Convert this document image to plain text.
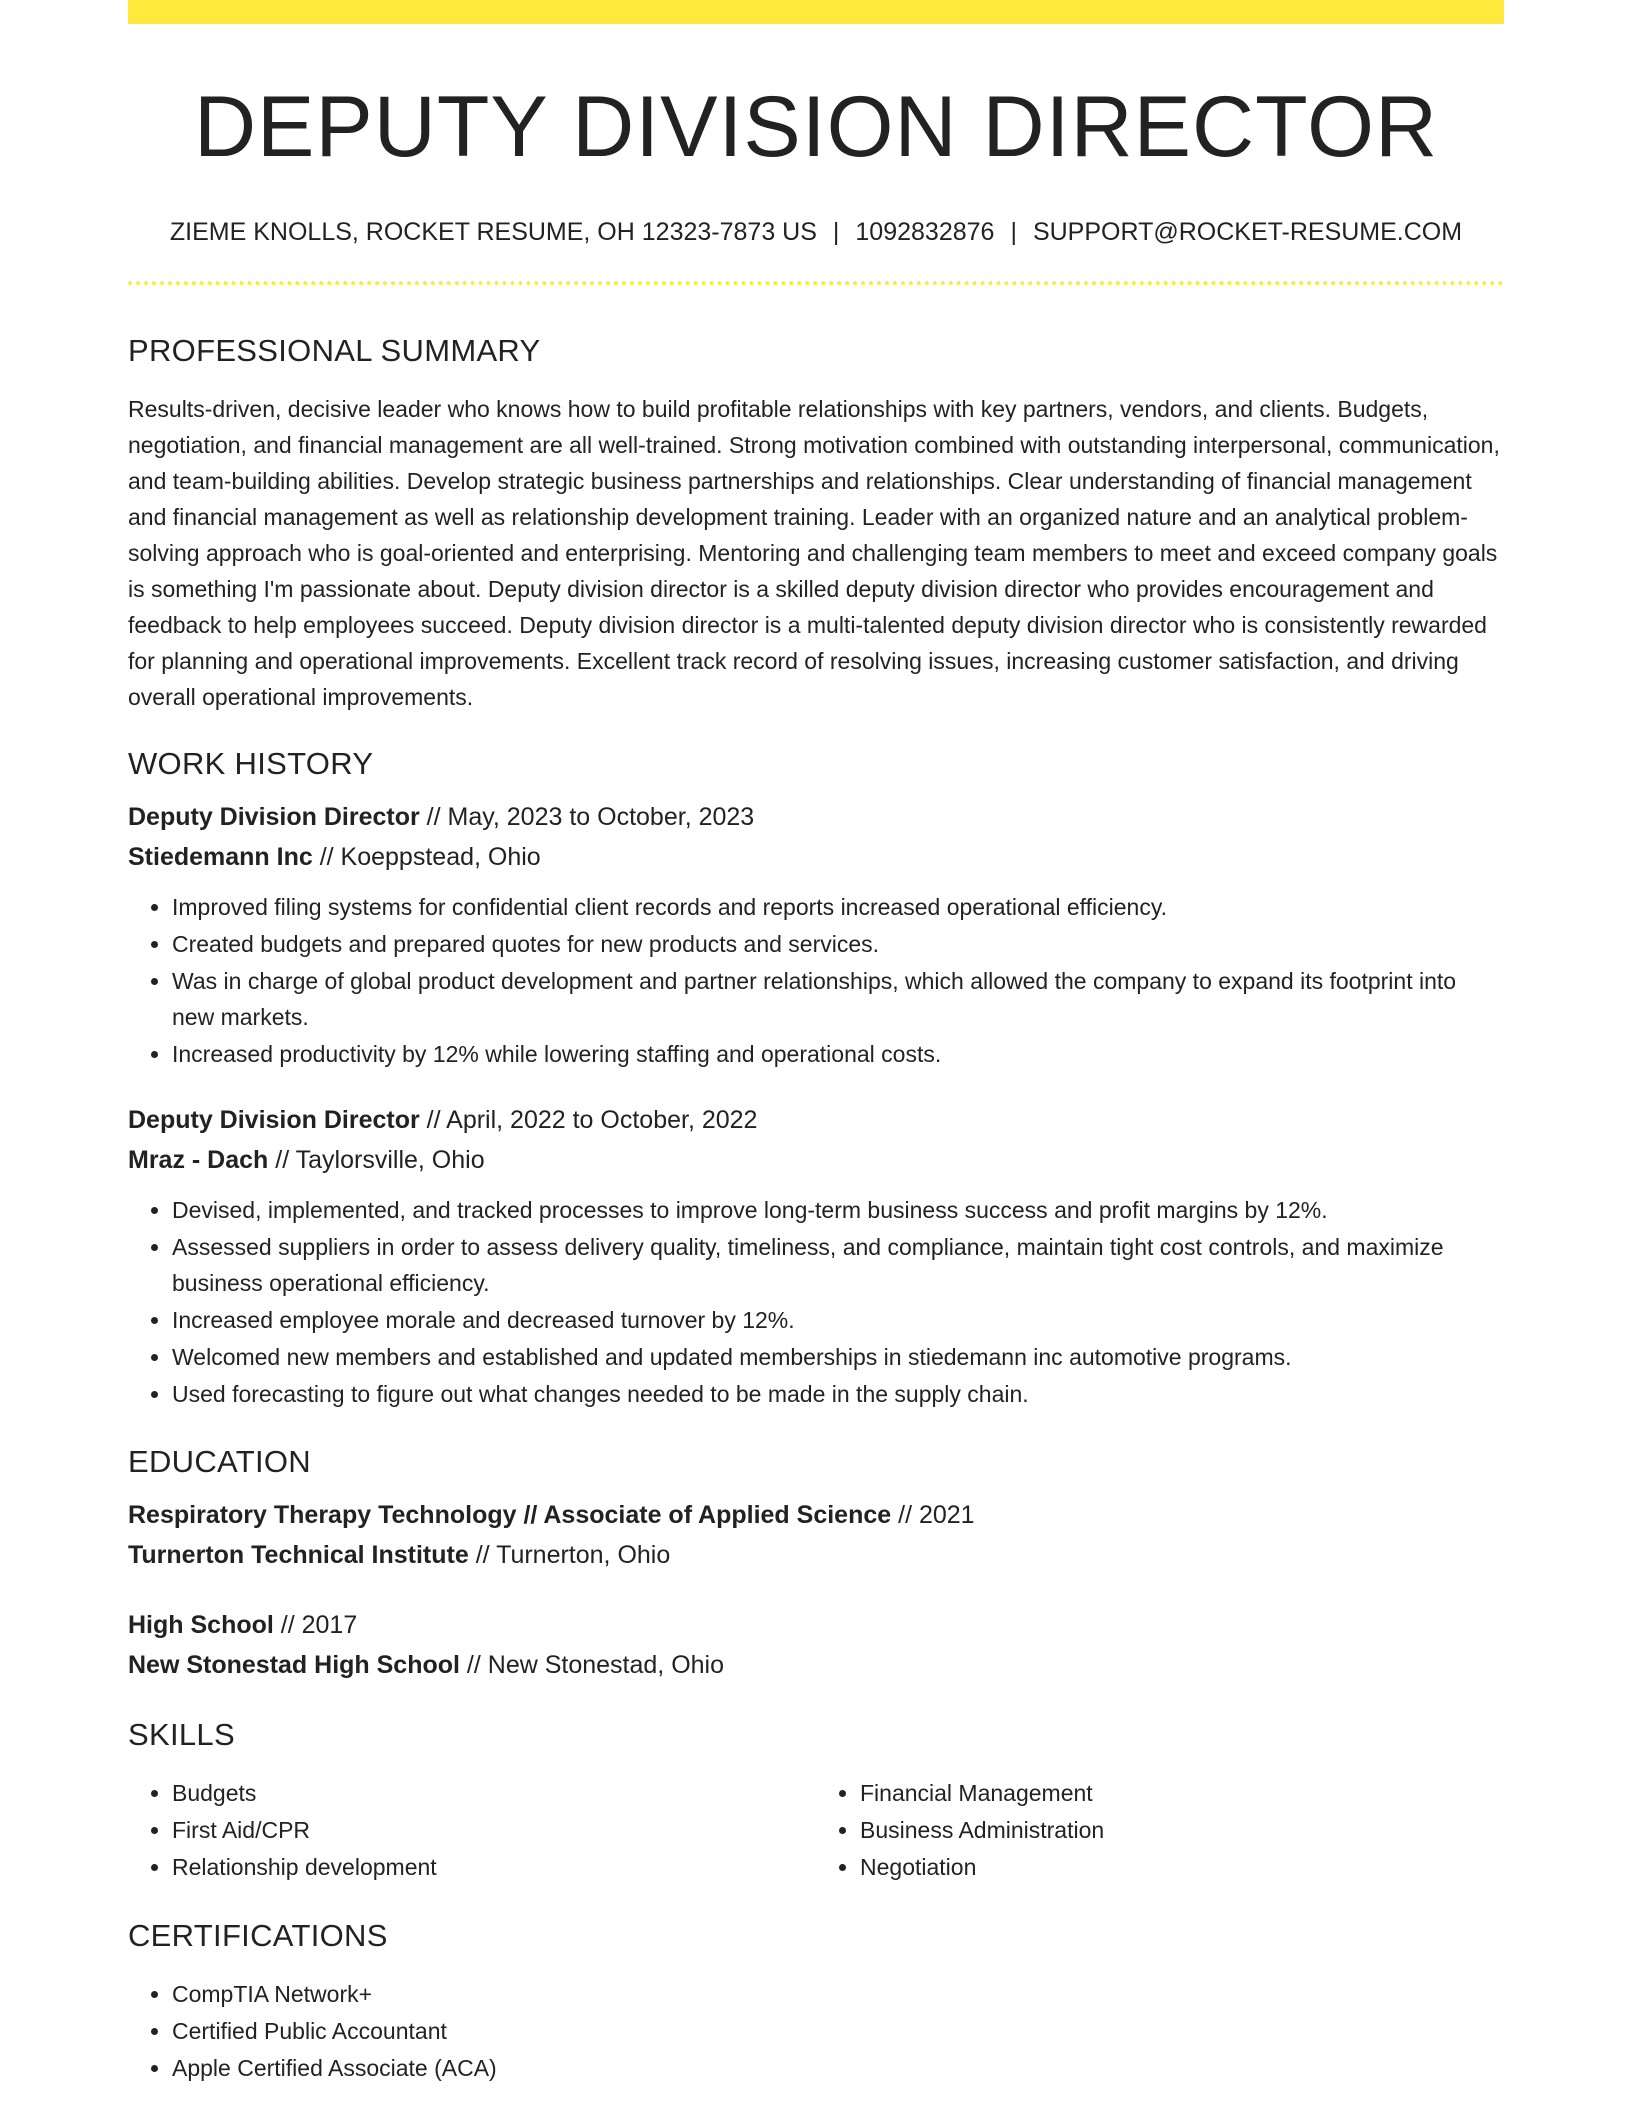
DEPUTY DIVISION DIRECTOR
ZIEME KNOLLS, ROCKET RESUME, OH 12323-7873 US | 1092832876 | SUPPORT@ROCKET-RESUME.COM
PROFESSIONAL SUMMARY

Results-driven, decisive leader who knows how to build profitable relationships with key partners, vendors, and clients. Budgets, negotiation, and financial management are all well-trained. Strong motivation combined with outstanding interpersonal, communication, and team-building abilities. Develop strategic business partnerships and relationships. Clear understanding of financial management and financial management as well as relationship development training. Leader with an organized nature and an analytical problem-solving approach who is goal-oriented and enterprising. Mentoring and challenging team members to meet and exceed company goals is something I'm passionate about. Deputy division director is a skilled deputy division director who provides encouragement and feedback to help employees succeed. Deputy division director is a multi-talented deputy division director who is consistently rewarded for planning and operational improvements. Excellent track record of resolving issues, increasing customer satisfaction, and driving overall operational improvements.

WORK HISTORY

Deputy Division Director // May, 2023 to October, 2023

Stiedemann Inc // Koeppstead, Ohio

• Improved filing systems for confidential client records and reports increased operational efficiency.
• Created budgets and prepared quotes for new products and services.
• Was in charge of global product development and partner relationships, which allowed the company to expand its footprint into new markets.
• Increased productivity by 12% while lowering staffing and operational costs.

Deputy Division Director // April, 2022 to October, 2022

Mraz - Dach // Taylorsville, Ohio

• Devised, implemented, and tracked processes to improve long-term business success and profit margins by 12%.
• Assessed suppliers in order to assess delivery quality, timeliness, and compliance, maintain tight cost controls, and maximize business operational efficiency.
• Increased employee morale and decreased turnover by 12%.
• Welcomed new members and established and updated memberships in stiedemann inc automotive programs.
• Used forecasting to figure out what changes needed to be made in the supply chain.
EDUCATION

Respiratory Therapy Technology // Associate of Applied Science // 2021

Turnerton Technical Institute // Turnerton, Ohio

High School // 2017

New Stonestad High School // New Stonestad, Ohio

SKILLS
• Budgets
• First Aid/CPR
• Relationship development
• Financial Management
• Business Administration
• Negotiation
CERTIFICATIONS
• CompTIA Network+
• Certified Public Accountant
• Apple Certified Associate (ACA)
